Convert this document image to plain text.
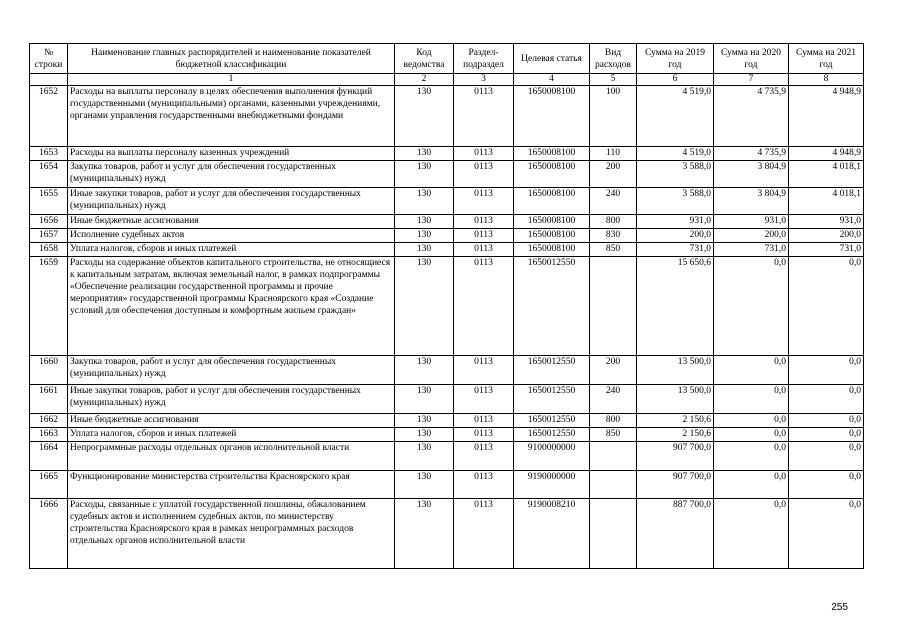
№ строки	Наименование главных распорядителей и наименование показателей бюджетной классификации	Код ведомства	Раздел-подраздел	Целевая статья	Вид расходов	Сумма на 2019 год	Сумма на 2020 год	Сумма на 2021 год
	1	2	3	4	5	6	7	8
1652	Расходы на выплаты персоналу в целях обеспечения выполнения функций государственными (муниципальными) органами, казенными учреждениями, органами управления государственными внебюджетными фондами	130	0113	1650008100	100	4 519,0	4 735,9	4 948,9
1653	Расходы на выплаты персоналу казенных учреждений	130	0113	1650008100	110	4 519,0	4 735,9	4 948,9
1654	Закупка товаров, работ и услуг для обеспечения государственных (муниципальных) нужд	130	0113	1650008100	200	3 588,0	3 804,9	4 018,1
1655	Иные закупки товаров, работ и услуг для обеспечения государственных (муниципальных) нужд	130	0113	1650008100	240	3 588,0	3 804,9	4 018,1
1656	Иные бюджетные ассигнования	130	0113	1650008100	800	931,0	931,0	931,0
1657	Исполнение судебных актов	130	0113	1650008100	830	200,0	200,0	200,0
1658	Уплата налогов, сборов и иных платежей	130	0113	1650008100	850	731,0	731,0	731,0
1659	Расходы на содержание объектов капитального строительства, не относящиеся к капитальным затратам, включая земельный налог, в рамках подпрограммы «Обеспечение реализации государственной программы и прочие мероприятия» государственной программы Красноярского края «Создание условий для обеспечения доступным и комфортным жильем граждан»	130	0113	1650012550		15 650,6	0,0	0,0
1660	Закупка товаров, работ и услуг для обеспечения государственных (муниципальных) нужд	130	0113	1650012550	200	13 500,0	0,0	0,0
1661	Иные закупки товаров, работ и услуг для обеспечения государственных (муниципальных) нужд	130	0113	1650012550	240	13 500,0	0,0	0,0
1662	Иные бюджетные ассигнования	130	0113	1650012550	800	2 150,6	0,0	0,0
1663	Уплата налогов, сборов и иных платежей	130	0113	1650012550	850	2 150,6	0,0	0,0
1664	Непрограммные расходы отдельных органов исполнительной власти	130	0113	9100000000		907 700,0	0,0	0,0
1665	Функционирование министерства строительства Красноярского края	130	0113	9190000000		907 700,0	0,0	0,0
1666	Расходы, связанные с уплатой государственной пошлины, обжалованием судебных актов и исполнением судебных актов, по министерству строительства Красноярского края в рамках непрограммных расходов отдельных органов исполнительной власти	130	0113	9190008210		887 700,0	0,0	0,0
255
